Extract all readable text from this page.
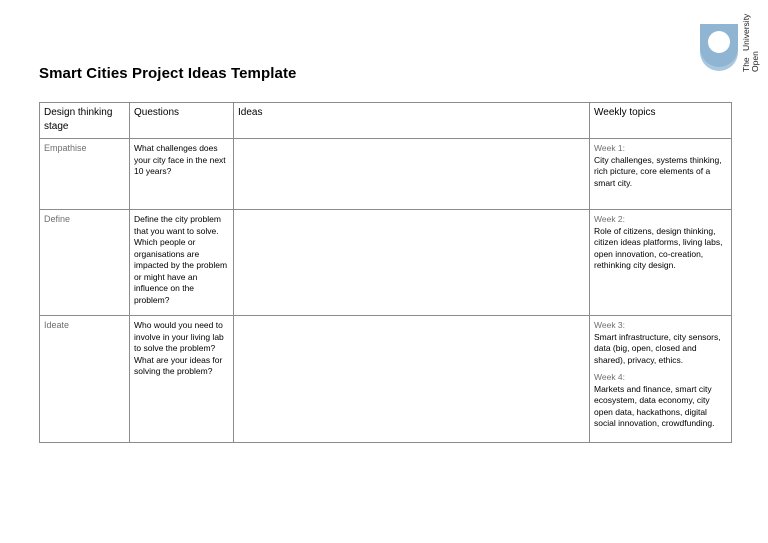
The Open
University
Smart Cities Project Ideas Template
Design thinking stage	Questions	Ideas	Weekly topics
Empathise	What challenges does your city face in the next 10 years?		Week 1:
City challenges, systems thinking, rich picture, core elements of a smart city.
Define	Define the city problem that you want to solve. Which people or organisations are impacted by the problem or might have an influence on the problem?		Week 2:
Role of citizens, design thinking, citizen ideas platforms, living labs, open innovation, co-creation, rethinking city design.
Ideate	Who would you need to involve in your living lab to solve the problem? What are your ideas for solving the problem?		Week 3:
Smart infrastructure, city sensors, data (big, open, closed and shared), privacy, ethics.
Week 4:
Markets and finance, smart city ecosystem, data economy, city open data, hackathons, digital social innovation, crowdfunding.
